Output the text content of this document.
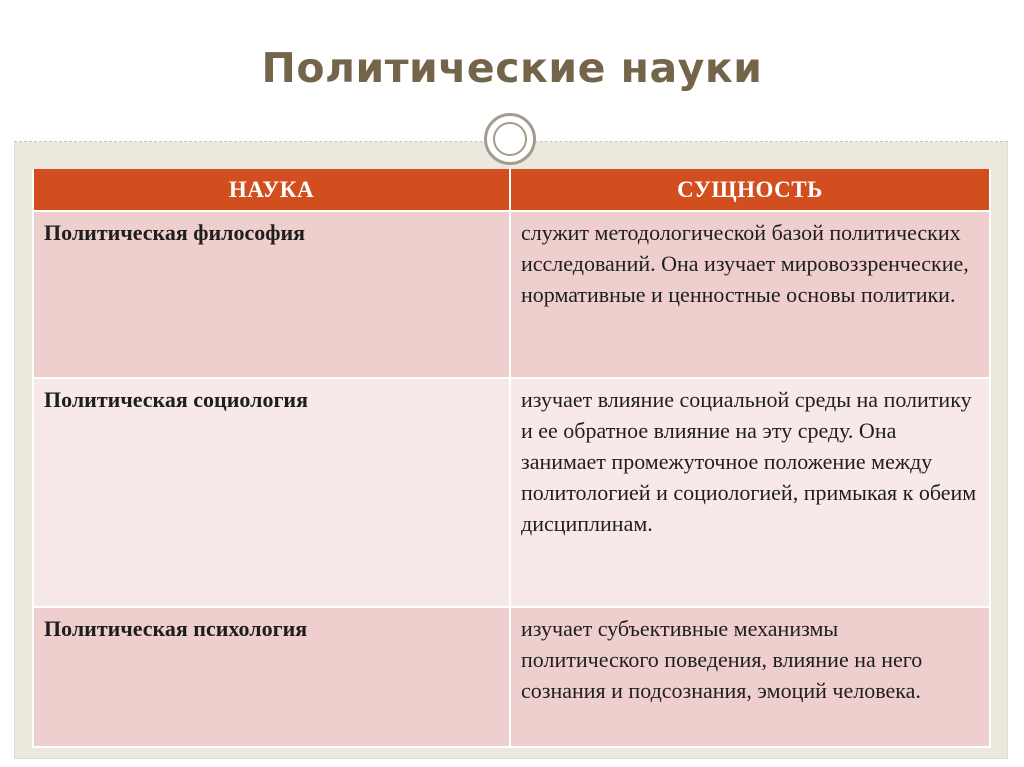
Политические науки
НАУКА	СУЩНОСТЬ
Политическая философия	служит методологической базой политических исследований. Она изучает мировоззренческие, нормативные и ценностные основы политики.
Политическая социология	изучает влияние социальной среды на политику и ее обратное влияние на эту среду. Она занимает промежуточное положение между политологией и социологией, примыкая к обеим дисциплинам.
Политическая психология	изучает субъективные механизмы политического поведения, влияние на него сознания и подсознания, эмоций человека.
